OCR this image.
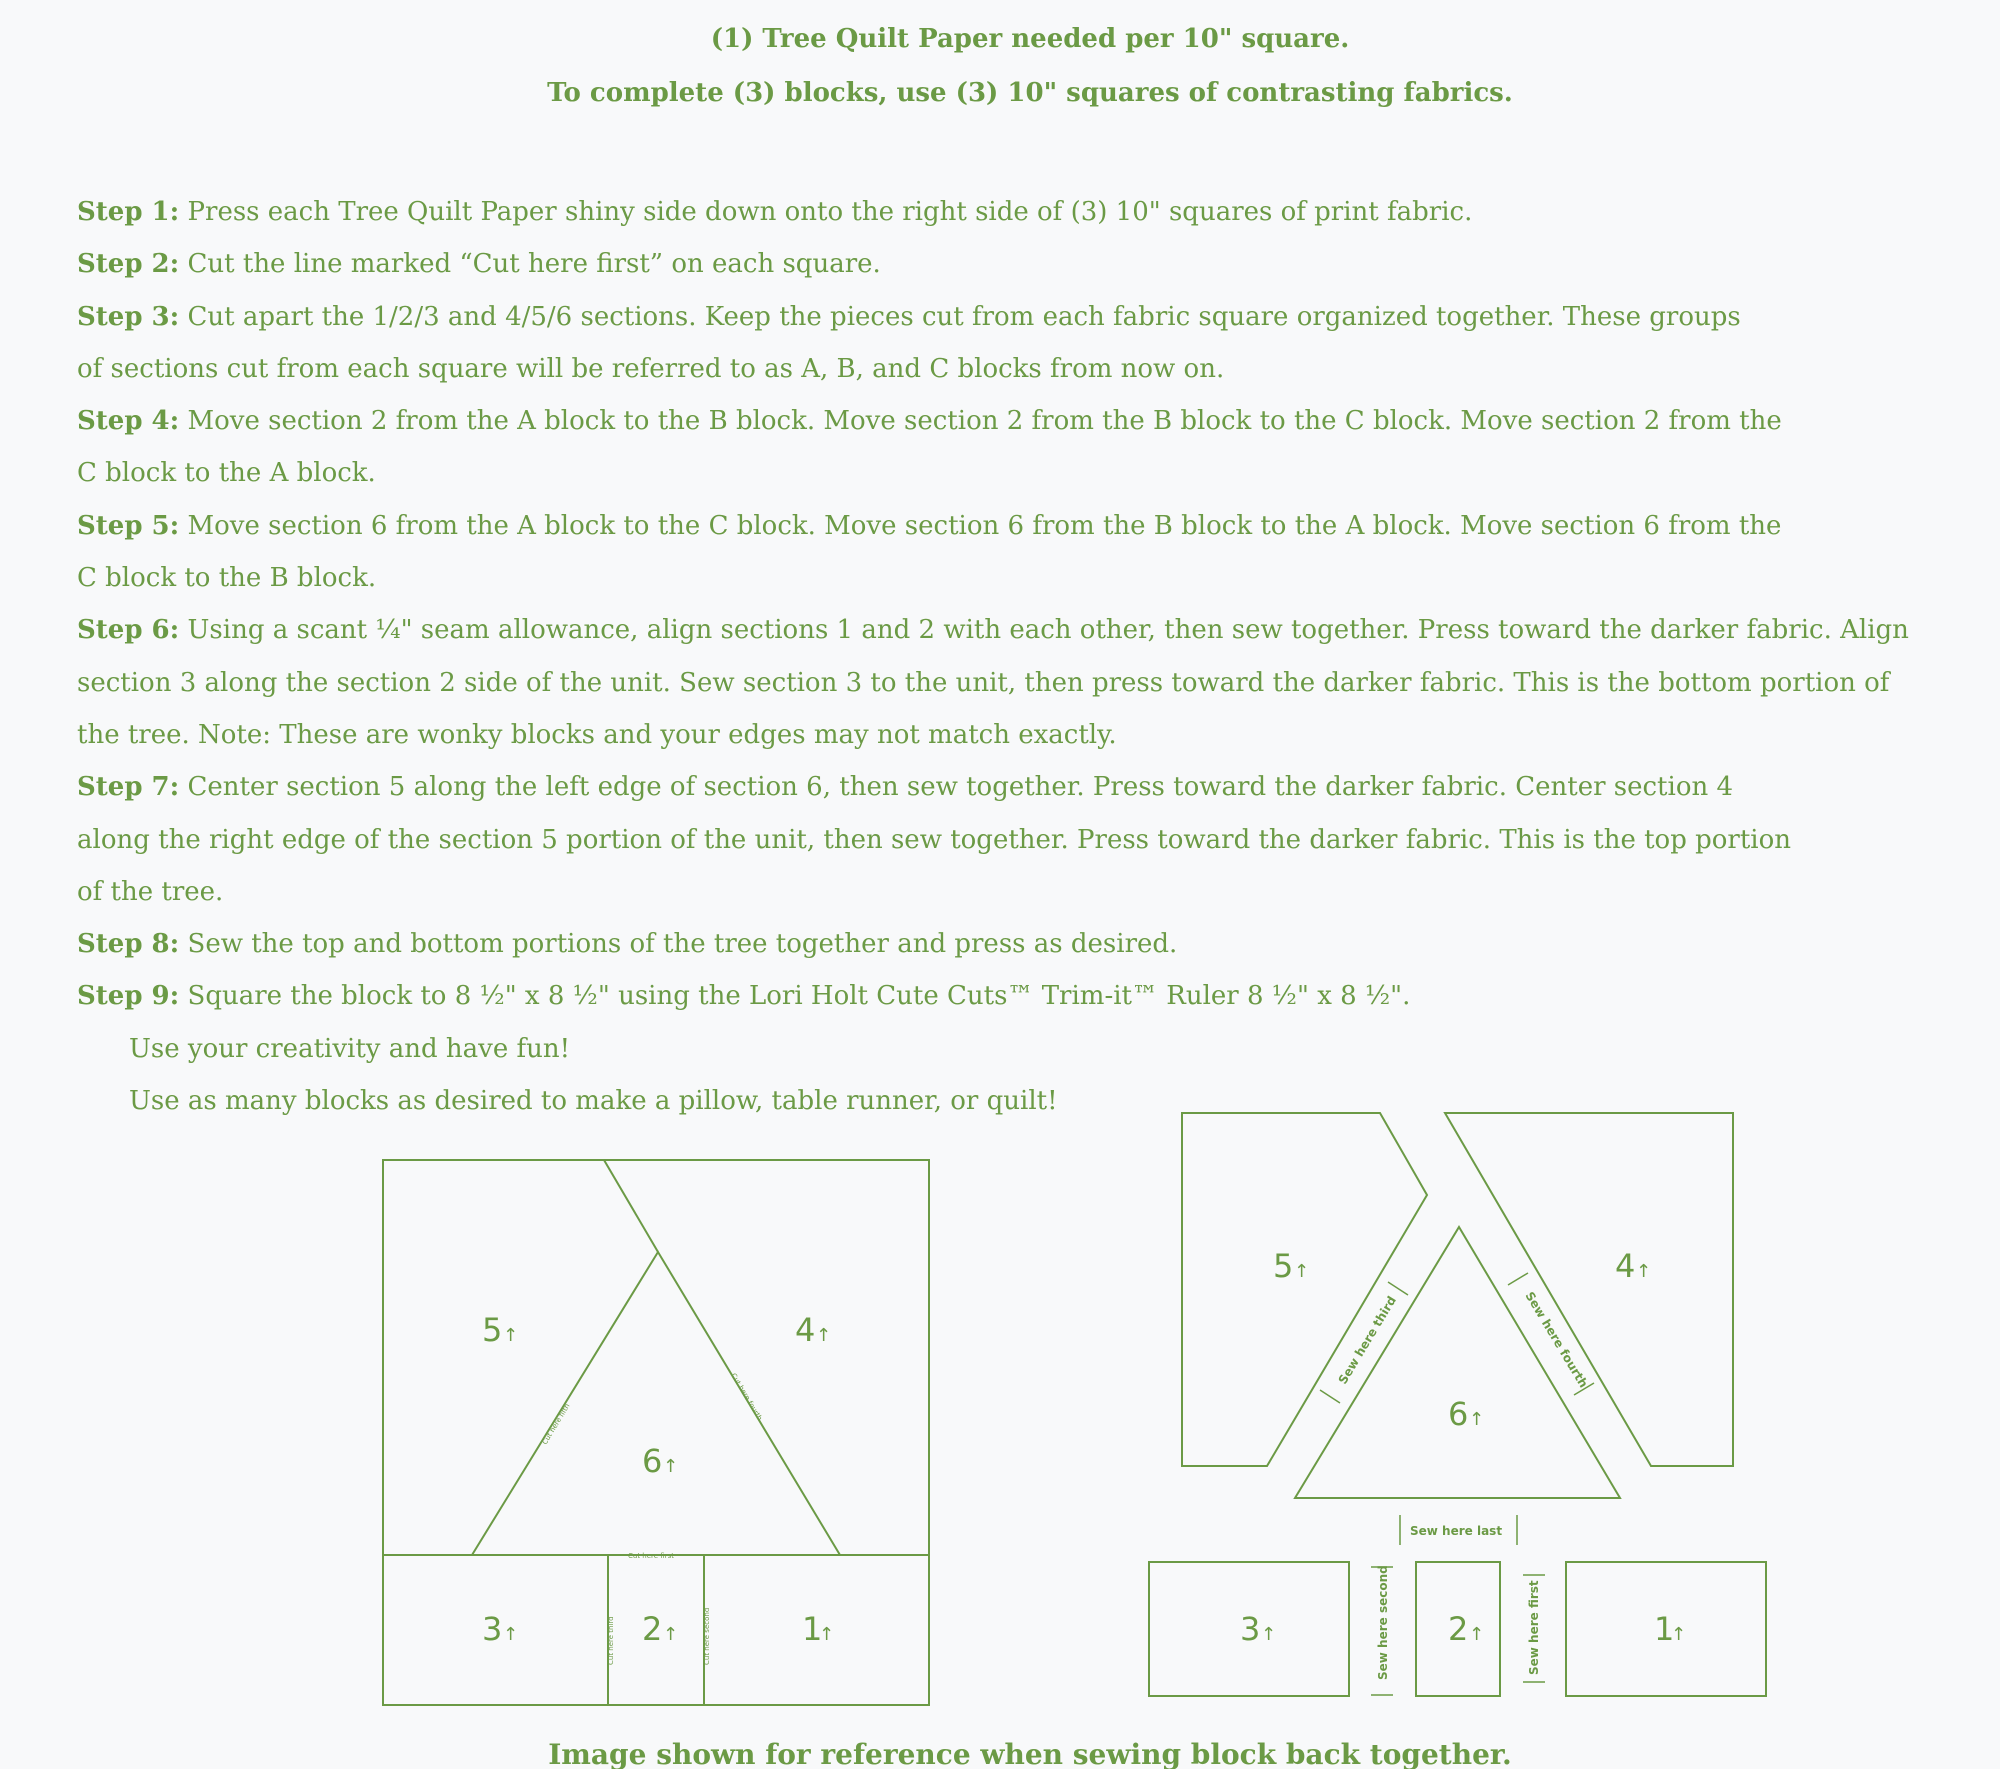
(1) Tree Quilt Paper needed per 10" square.

To complete (3) blocks, use (3) 10" squares of contrasting fabrics.

Step 1: Press each Tree Quilt Paper shiny side down onto the right side of (3) 10" squares of print fabric.

Step 2: Cut the line marked “Cut here first” on each square.

Step 3: Cut apart the 1/2/3 and 4/5/6 sections. Keep the pieces cut from each fabric square organized together. These groups

of sections cut from each square will be referred to as A, B, and C blocks from now on.

Step 4: Move section 2 from the A block to the B block. Move section 2 from the B block to the C block. Move section 2 from the

C block to the A block.

Step 5: Move section 6 from the A block to the C block. Move section 6 from the B block to the A block. Move section 6 from the

C block to the B block.

Step 6: Using a scant ¼" seam allowance, align sections 1 and 2 with each other, then sew together. Press toward the darker fabric. Align

section 3 along the section 2 side of the unit. Sew section 3 to the unit, then press toward the darker fabric. This is the bottom portion of

the tree. Note: These are wonky blocks and your edges may not match exactly.

Step 7: Center section 5 along the left edge of section 6, then sew together. Press toward the darker fabric. Center section 4

along the right edge of the section 5 portion of the unit, then sew together. Press toward the darker fabric. This is the top portion

of the tree.

Step 8: Sew the top and bottom portions of the tree together and press as desired.

Step 9: Square the block to 8 ½" x 8 ½" using the Lori Holt Cute Cuts™ Trim-it™ Ruler 8 ½" x 8 ½".

Use your creativity and have fun!

Use as many blocks as desired to make a pillow, table runner, or quilt!

5 ↑	4 ↑
6 ↑
3 ↑	2 ↑	1
↑
Cut here first
Cut here third	Cut here second
Cut here fifth
Cut here fourth
5 ↑	4 ↑
6 ↑
3 ↑	2 ↑	1
↑
Sew here last
Sew here second	Sew here first
Sew here third	Sew here fourth

Image shown for reference when sewing block back together.
